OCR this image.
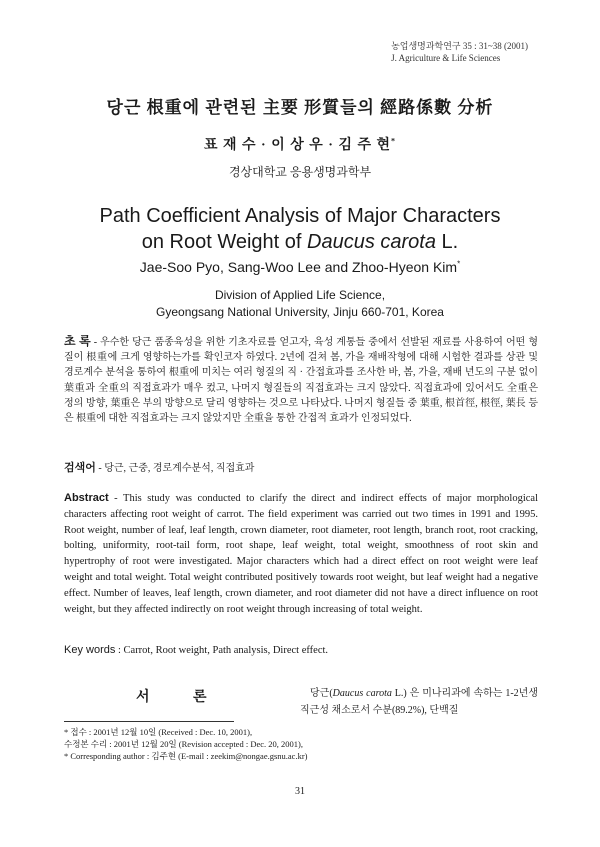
농업생명과학연구 35 : 31~38 (2001)
J. Agriculture & Life Sciences
당근 根重에 관련된 主要 形質들의 經路係數 分析
표 재 수 · 이 상 우 · 김 주 현*
경상대학교 응용생명과학부
Path Coefficient Analysis of Major Characters
on Root Weight of Daucus carota L.
Jae-Soo Pyo, Sang-Woo Lee and Zhoo-Hyeon Kim*
Division of Applied Life Science,
Gyeongsang National University, Jinju 660-701, Korea
초 록 - 우수한 당근 품종육성을 위한 기초자료를 얻고자, 육성 계통들 중에서 선발된 재료를 사용하여 어떤 형질이 根重에 크게 영향하는가를 확인코자 하였다. 2년에 걸쳐 봄, 가을 재배작형에 대해 시험한 결과를 상관 및 경로계수 분석을 통하여 根重에 미치는 여러 형질의 직 · 간접효과를 조사한 바, 봄, 가을, 재배 년도의 구분 없이 葉重과 全重의 직접효과가 매우 컸고, 나머지 형질들의 직접효과는 크지 않았다. 직접효과에 있어서도 全重은 정의 방향, 葉重은 부의 방향으로 달리 영향하는 것으로 나타났다. 나머지 형질들 중 葉重, 根首徑, 根徑, 葉長 등은 根重에 대한 직접효과는 크지 않았지만 全重을 통한 간접적 효과가 인정되었다.
검색어 - 당근, 근중, 경로계수분석, 직접효과
Abstract - This study was conducted to clarify the direct and indirect effects of major morphological characters affecting root weight of carrot. The field experiment was carried out two times in 1991 and 1995. Root weight, number of leaf, leaf length, crown diameter, root diameter, root length, branch root, root cracking, bolting, uniformity, root-tail form, root shape, leaf weight, total weight, smoothness of root skin and hypertrophy of root were investigated. Major characters which had a direct effect on root weight were leaf weight and total weight. Total weight contributed positively towards root weight, but leaf weight had a negative effect. Number of leaves, leaf length, crown diameter, and root diameter did not have a direct influence on root weight, but they affected indirectly on root weight through increasing of total weight.
Key words : Carrot, Root weight, Path analysis, Direct effect.
서 론	당근(Daucus carota L.) 은 미나리과에 속하는 1-2년생 직근성 채소로서 수분(89.2%), 단백질
* 접수 : 2001년 12월 10일 (Received : Dec. 10, 2001),
수정본 수리 : 2001년 12월 20일 (Revision accepted : Dec. 20, 2001),
* Corresponding author : 김주현 (E-mail : zeekim@nongae.gsnu.ac.kr)
31
